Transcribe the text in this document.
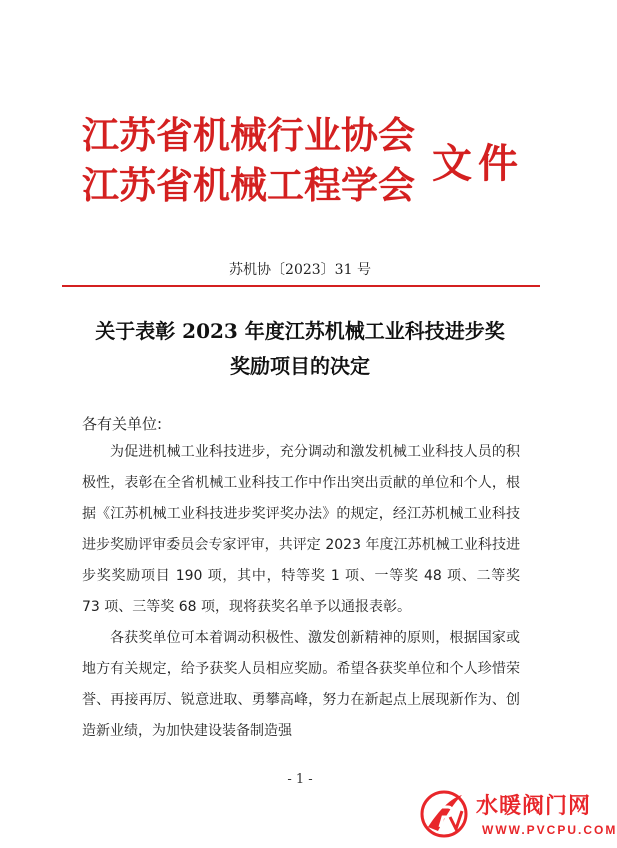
江苏省机械行业协会
江苏省机械工程学会 文件
苏机协〔2023〕31 号
关于表彰 2023 年度江苏机械工业科技进步奖
奖励项目的决定
各有关单位:

为促进机械工业科技进步，充分调动和激发机械工业科技人员的积极性，表彰在全省机械工业科技工作中作出突出贡献的单位和个人，根据《江苏机械工业科技进步奖评奖办法》的规定，经江苏机械工业科技进步奖励评审委员会专家评审，共评定 2023 年度江苏机械工业科技进步奖奖励项目 190 项，其中，特等奖 1 项、一等奖 48 项、二等奖 73 项、三等奖 68 项，现将获奖名单予以通报表彰。

各获奖单位可本着调动积极性、激发创新精神的原则，根据国家或地方有关规定，给予获奖人员相应奖励。希望各获奖单位和个人珍惜荣誉、再接再厉、锐意进取、勇攀高峰，努力在新起点上展现新作为、创造新业绩，为加快建设装备制造强

- 1 -
水暖阀门网
WWW.PVCPU.COM
